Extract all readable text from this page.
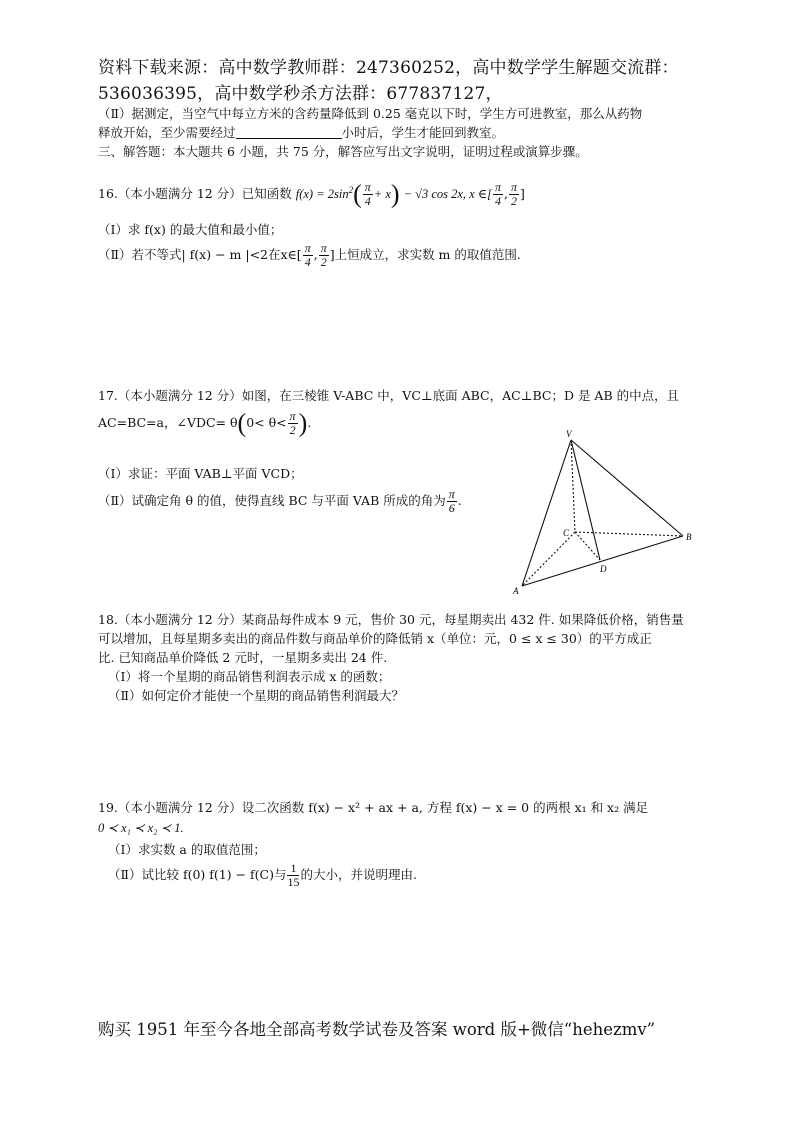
资料下载来源：高中数学教师群：247360252，高中数学学生解题交流群：
536036395，高中数学秒杀方法群：677837127，
（Ⅱ）据测定，当空气中每立方米的含药量降低到 0.25 毫克以下时，学生方可进教室，那么从药物
释放开始，至少需要经过	小时后，学生才能回到教室。
三、解答题：本大题共 6 小题，共 75 分，解答应写出文字说明，证明过程或演算步骤。
16.（本小题满分 12 分）已知函数 $f(x) = 2\sin^2( \frac{\pi}{4} + x) - √3$ cos 2x, x ∈[ $\frac{\pi}{4}$ , $\frac{\pi}{2}$ ]
（Ⅰ）求 f(x) 的最大值和最小值；
（Ⅱ）若不等式| f(x) − m |<2在x∈[ $\frac{\pi}{4}$ , $\frac{\pi}{2}$ ]上恒成立，求实数 m 的取值范围.
17.（本小题满分 12 分）如图，在三棱锥 V-ABC 中，VC⊥底面 ABC，AC⊥BC；D 是 AB 的中点，且
AC=BC=a，∠VDC= $\theta(0< \theta< \frac{\pi}{2}$ ).
（Ⅰ）求证：平面 VAB⊥平面 VCD；
（Ⅱ）试确定角 θ 的值，使得直线 BC 与平面 VAB 所成的角为 $\frac{\pi}{6}$ .
V
C	B
D
A
18.（本小题满分 12 分）某商品每件成本 9 元，售价 30 元，每星期卖出 432 件. 如果降低价格，销售量
可以增加，且每星期多卖出的商品件数与商品单价的降低销 x（单位：元，0 ≤ x ≤ 30）的平方成正
比. 已知商品单价降低 2 元时，一星期多卖出 24 件.
（Ⅰ）将一个星期的商品销售利润表示成 x 的函数；
（Ⅱ）如何定价才能使一个星期的商品销售利润最大？
19.（本小题满分 12 分）设二次函数 f(x) − x² + ax + a, 方程 f(x) − x = 0 的两根 x₁ 和 x₂ 满足
0 ≺ x₁ ≺ x₂ ≺ 1.
（Ⅰ）求实数 a 的取值范围；
（Ⅱ）试比较 f(0) f(1) − f(C)与 $\frac{1}{15}$ 的大小，并说明理由.
购买 1951 年至今各地全部高考数学试卷及答案 word 版+微信“hehezmv”
